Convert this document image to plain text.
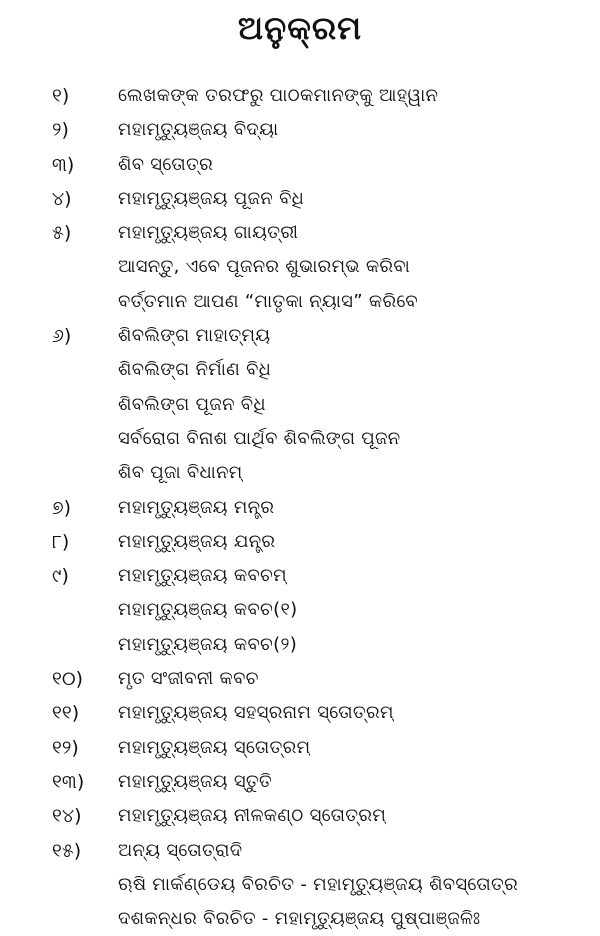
ଅନୁକ୍ରମ
୧)	ଲେଖକଙ୍କ ତରଫରୁ ପାଠକମାନଙ୍କୁ ଆହ୍ୱାନ
୨)	ମହାମୃତ୍ୟୁଞ୍ଜୟ ବିଦ୍ୟା
୩)	ଶିବ ସ୍ତୋତ୍ର
୪)	ମହାମୃତ୍ୟୁଞ୍ଜୟ ପୂଜନ ବିଧି
୫)	ମହାମୃତ୍ୟୁଞ୍ଜୟ ଗାୟତ୍ରୀ
ଆସନ୍ତୁ, ଏବେ ପୂଜନର ଶୁଭାରମ୍ଭ କରିବା
ବର୍ତ୍ତମାନ ଆପଣ “ମାତୃକା ନ୍ୟାସ” କରିବେ
୬)	ଶିବଲିଙ୍ଗ ମାହାତ୍ମ୍ୟ
ଶିବଲିଙ୍ଗ ନିର୍ମାଣ ବିଧି
ଶିବଲିଙ୍ଗ ପୂଜନ ବିଧି
ସର୍ବରୋଗ ବିନାଶ ପାର୍ଥିବ ଶିବଲିଙ୍ଗ ପୂଜନ
ଶିବ ପୂଜା ବିଧାନମ୍
୭)	ମହାମୃତ୍ୟୁଞ୍ଜୟ ମନ୍ତ୍ର
୮)	ମହାମୃତ୍ୟୁଞ୍ଜୟ ଯନ୍ତ୍ର
୯)	ମହାମୃତ୍ୟୁଞ୍ଜୟ କବଚମ୍
ମହାମୃତ୍ୟୁଞ୍ଜୟ କବଚ(୧)
ମହାମୃତ୍ୟୁଞ୍ଜୟ କବଚ(୨)
୧୦)	ମୃତ ସଂଜୀବନୀ କବଚ
୧୧)	ମହାମୃତ୍ୟୁଞ୍ଜୟ ସହସ୍ରନାମ ସ୍ତୋତ୍ରମ୍
୧୨)	ମହାମୃତ୍ୟୁଞ୍ଜୟ ସ୍ତୋତ୍ରମ୍
୧୩)	ମହାମୃତ୍ୟୁଞ୍ଜୟ ସ୍ତୁତି
୧୪)	ମହାମୃତ୍ୟୁଞ୍ଜୟ ନୀଳକଣ୍ଠ ସ୍ତୋତ୍ରମ୍
୧୫)	ଅନ୍ୟ ସ୍ତୋତ୍ରାଦି
ଋଷି ମାର୍କଣ୍ଡେୟ ବିରଚିତ - ମହାମୃତ୍ୟୁଞ୍ଜୟ ଶିବସ୍ତୋତ୍ର
ଦଶକନ୍ଧର ବିରଚିତ - ମହାମୃତ୍ୟୁଞ୍ଜୟ ପୁଷ୍ପାଞ୍ଜଳିଃ
